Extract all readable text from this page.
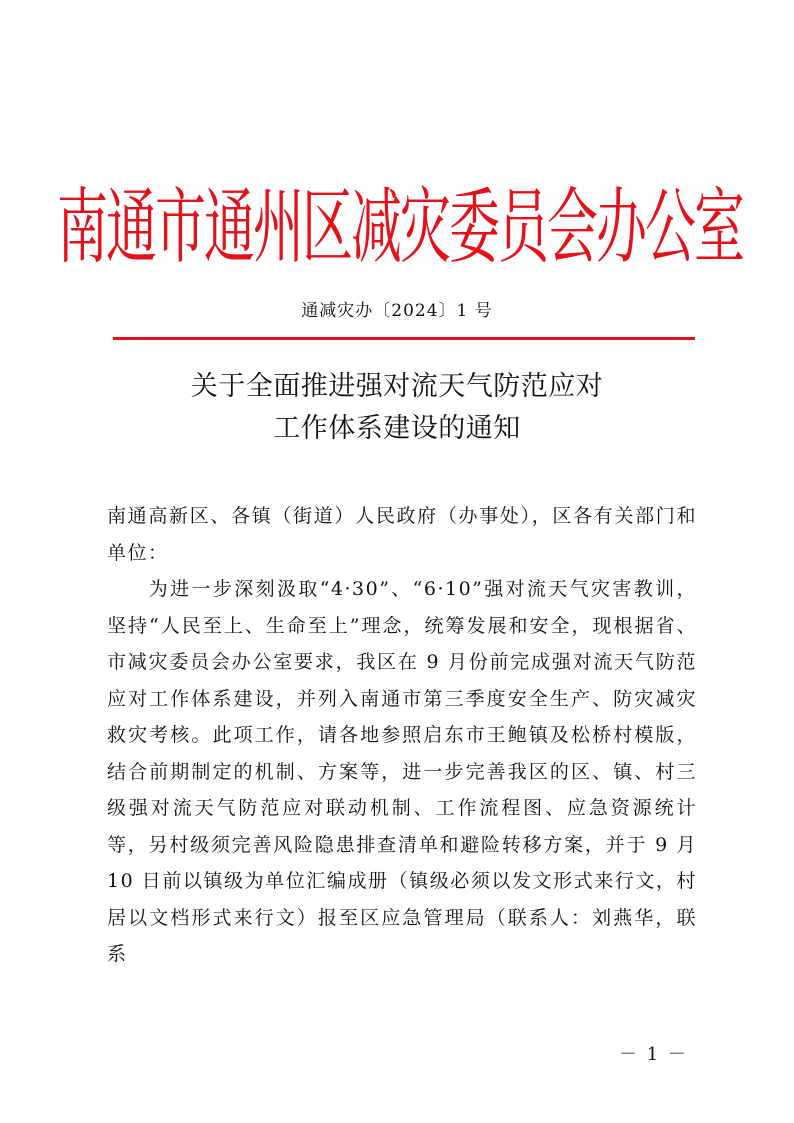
南通市通州区减灾委员会办公室
通减灾办〔2024〕1 号
关于全面推进强对流天气防范应对
工作体系建设的通知

南通高新区、各镇（街道）人民政府（办事处），区各有关部门和单位：

为进一步深刻汲取“4·30”、“6·10”强对流天气灾害教训，坚持“人民至上、生命至上”理念，统筹发展和安全，现根据省、市减灾委员会办公室要求，我区在 9 月份前完成强对流天气防范应对工作体系建设，并列入南通市第三季度安全生产、防灾减灾救灾考核。此项工作，请各地参照启东市王鲍镇及松桥村模版，结合前期制定的机制、方案等，进一步完善我区的区、镇、村三级强对流天气防范应对联动机制、工作流程图、应急资源统计等，另村级须完善风险隐患排查清单和避险转移方案，并于 9 月 10 日前以镇级为单位汇编成册（镇级必须以发文形式来行文，村居以文档形式来行文）报至区应急管理局（联系人：刘燕华，联系

－ 1 －
